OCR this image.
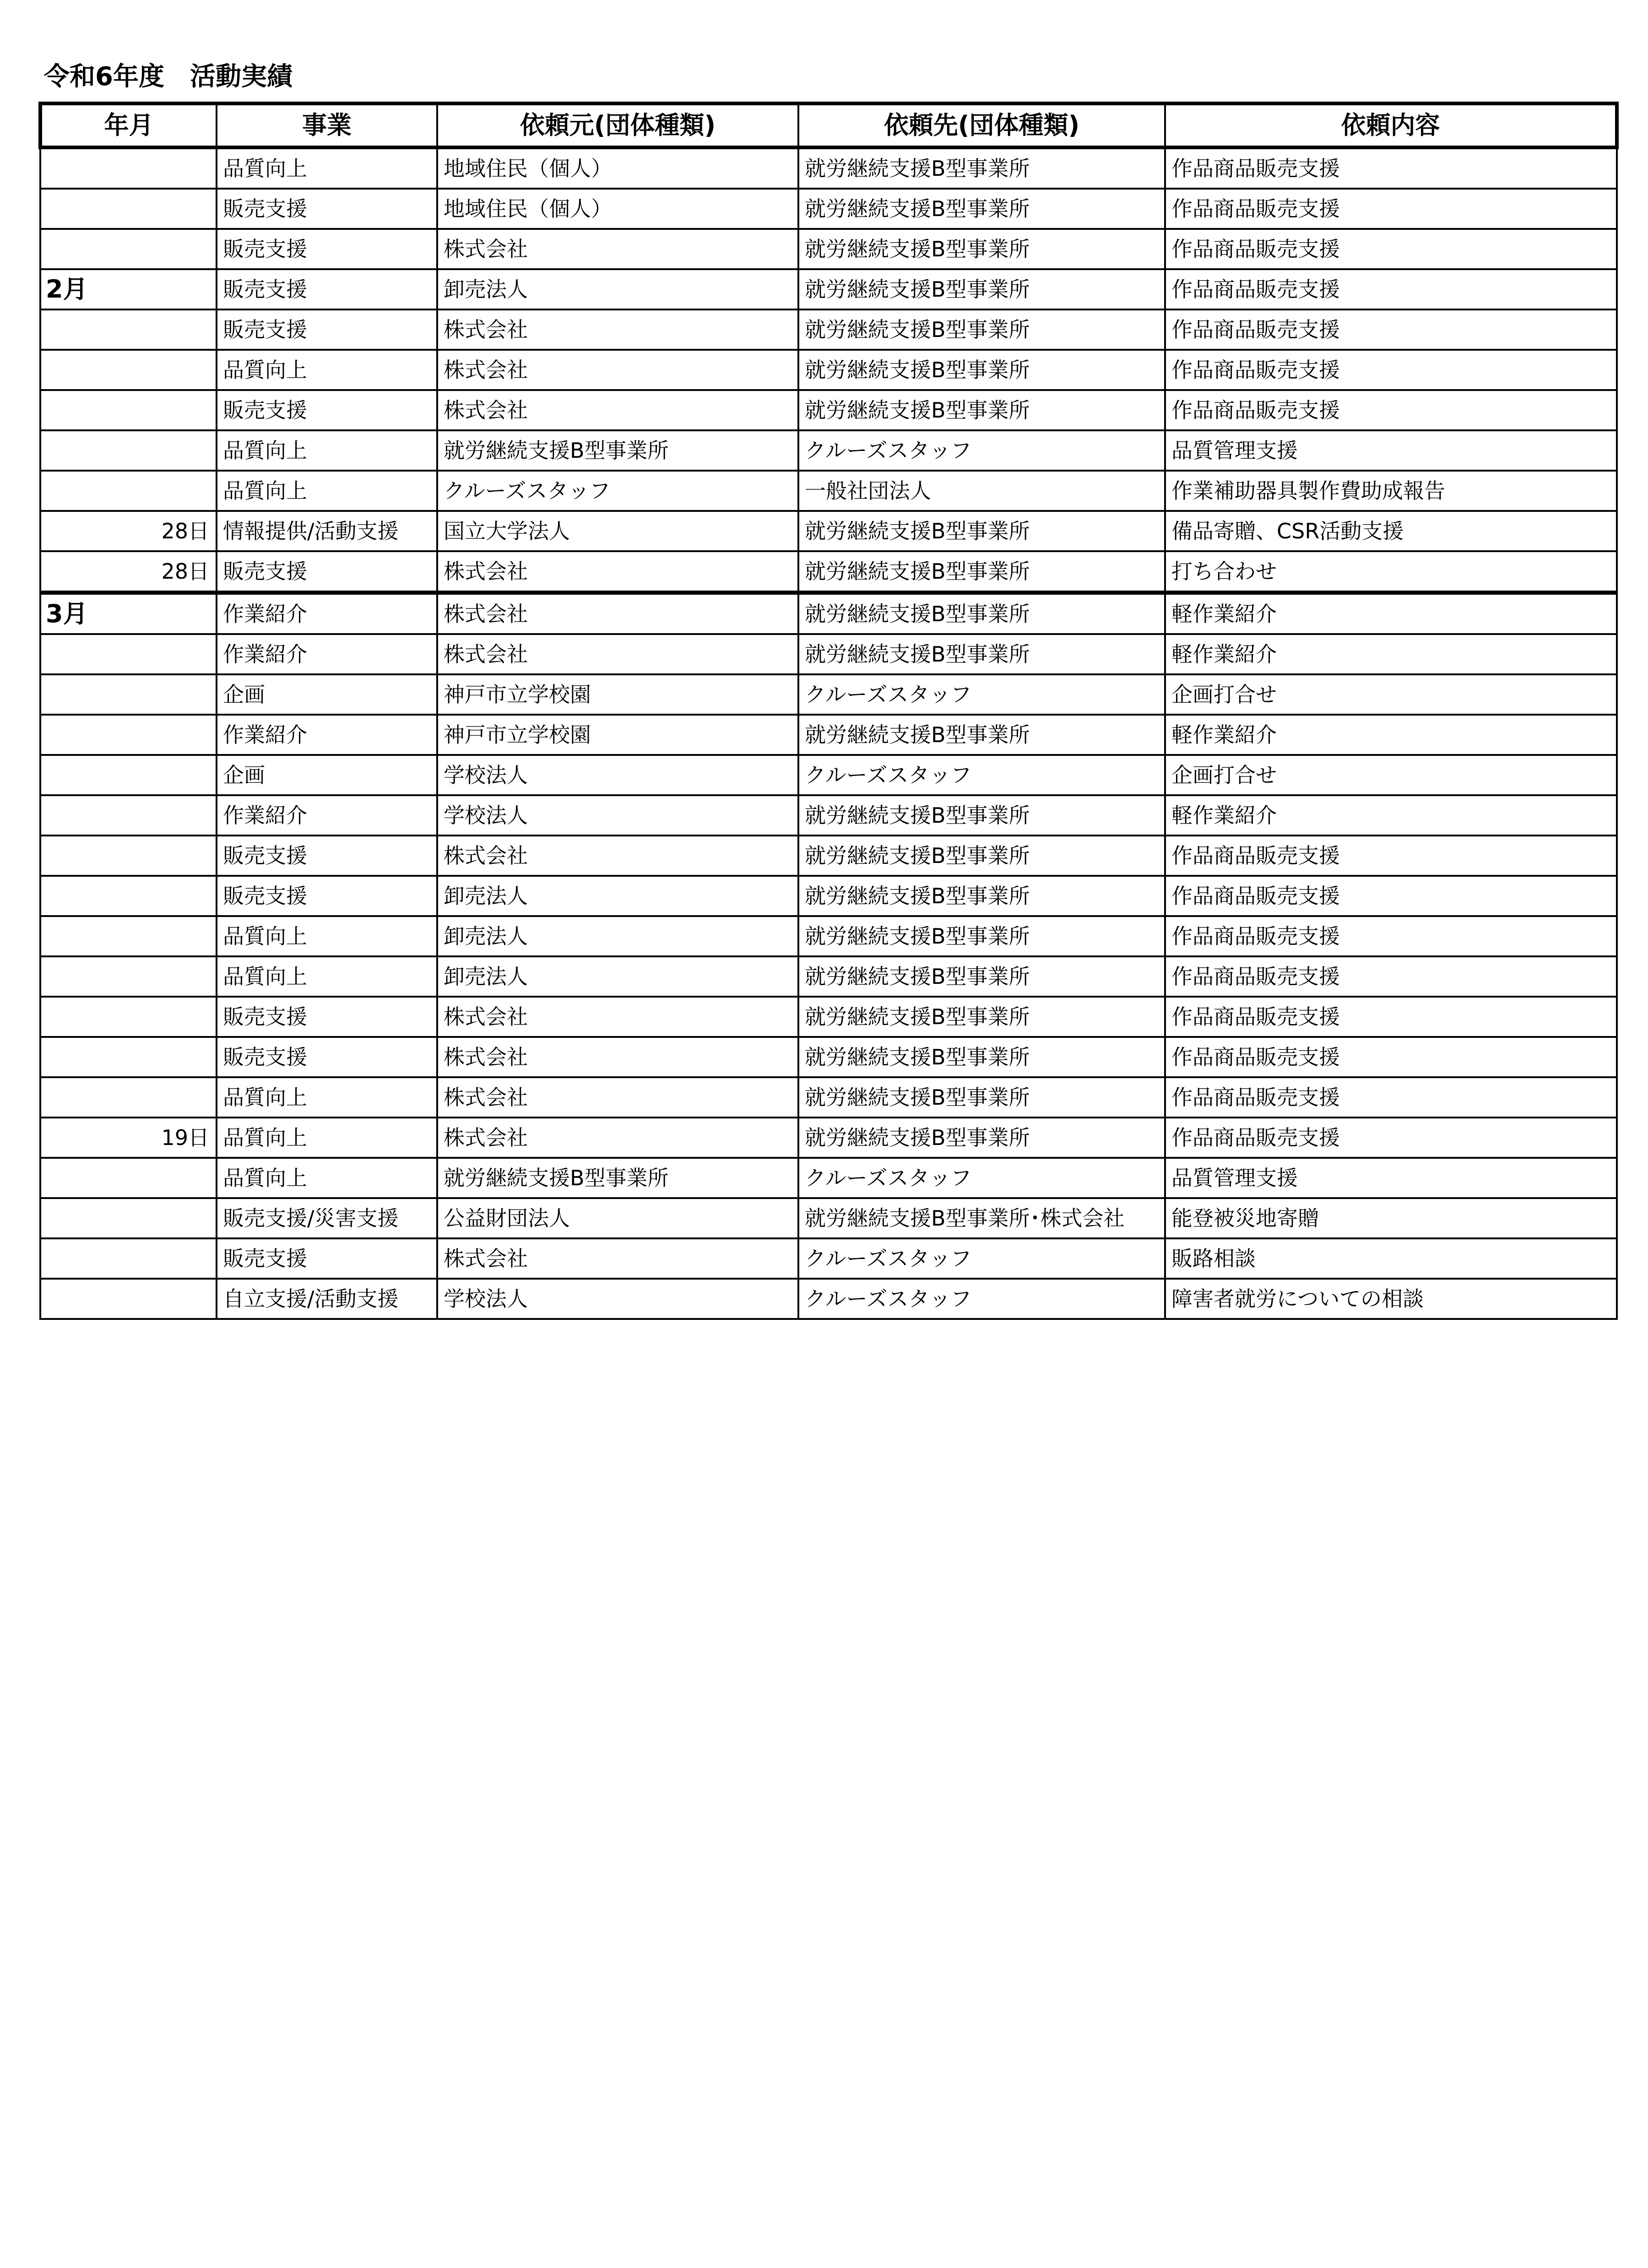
令和6年度　活動実績
年月	事業	依頼元(団体種類)	依頼先(団体種類)	依頼内容
	品質向上	地域住民（個人）	就労継続支援B型事業所	作品商品販売支援
	販売支援	地域住民（個人）	就労継続支援B型事業所	作品商品販売支援
	販売支援	株式会社	就労継続支援B型事業所	作品商品販売支援
2月	販売支援	卸売法人	就労継続支援B型事業所	作品商品販売支援
	販売支援	株式会社	就労継続支援B型事業所	作品商品販売支援
	品質向上	株式会社	就労継続支援B型事業所	作品商品販売支援
	販売支援	株式会社	就労継続支援B型事業所	作品商品販売支援
	品質向上	就労継続支援B型事業所	クルーズスタッフ	品質管理支援
	品質向上	クルーズスタッフ	一般社団法人	作業補助器具製作費助成報告
28日	情報提供/活動支援	国立大学法人	就労継続支援B型事業所	備品寄贈、CSR活動支援
28日	販売支援	株式会社	就労継続支援B型事業所	打ち合わせ
3月	作業紹介	株式会社	就労継続支援B型事業所	軽作業紹介
	作業紹介	株式会社	就労継続支援B型事業所	軽作業紹介
	企画	神戸市立学校園	クルーズスタッフ	企画打合せ
	作業紹介	神戸市立学校園	就労継続支援B型事業所	軽作業紹介
	企画	学校法人	クルーズスタッフ	企画打合せ
	作業紹介	学校法人	就労継続支援B型事業所	軽作業紹介
	販売支援	株式会社	就労継続支援B型事業所	作品商品販売支援
	販売支援	卸売法人	就労継続支援B型事業所	作品商品販売支援
	品質向上	卸売法人	就労継続支援B型事業所	作品商品販売支援
	品質向上	卸売法人	就労継続支援B型事業所	作品商品販売支援
	販売支援	株式会社	就労継続支援B型事業所	作品商品販売支援
	販売支援	株式会社	就労継続支援B型事業所	作品商品販売支援
	品質向上	株式会社	就労継続支援B型事業所	作品商品販売支援
19日	品質向上	株式会社	就労継続支援B型事業所	作品商品販売支援
	品質向上	就労継続支援B型事業所	クルーズスタッフ	品質管理支援
	販売支援/災害支援	公益財団法人	就労継続支援B型事業所･株式会社	能登被災地寄贈
	販売支援	株式会社	クルーズスタッフ	販路相談
	自立支援/活動支援	学校法人	クルーズスタッフ	障害者就労についての相談
